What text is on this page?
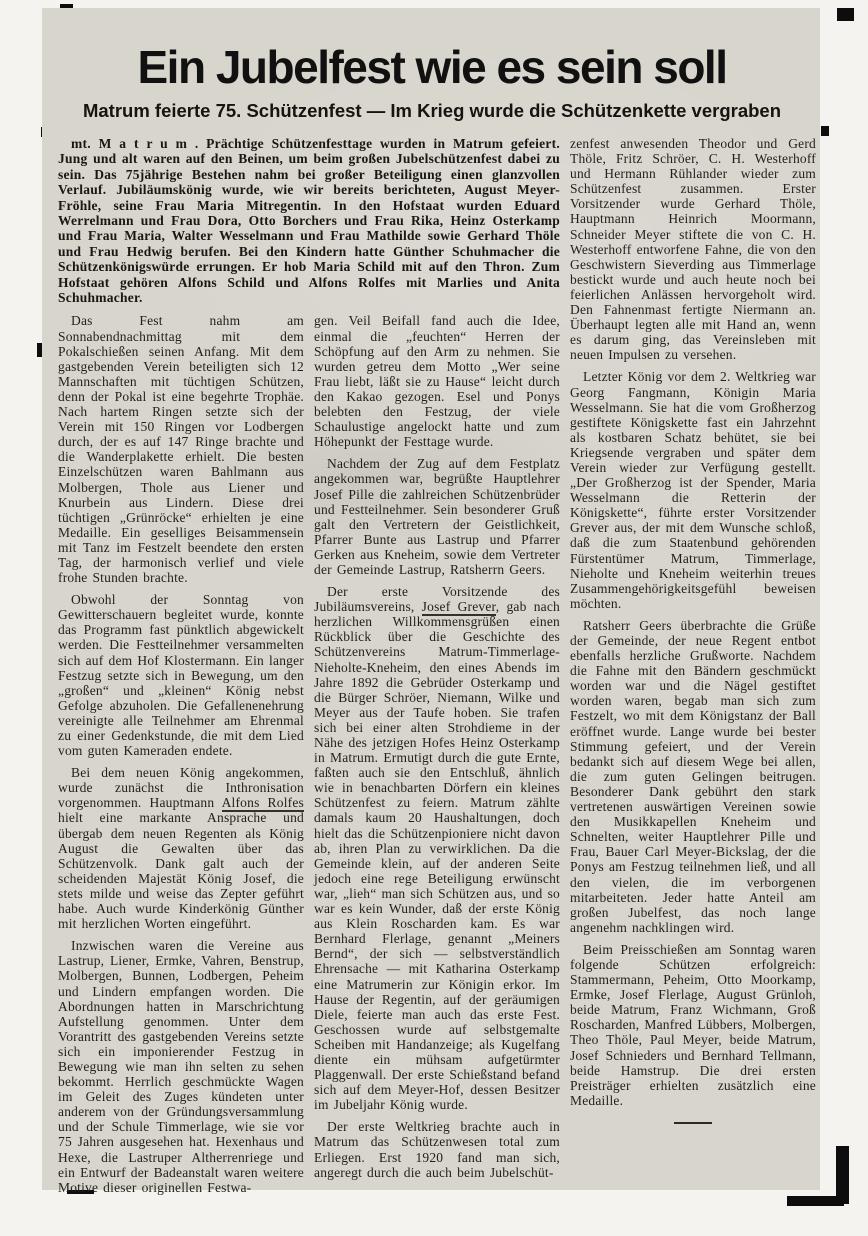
Ein Jubelfest wie es sein soll
Matrum feierte 75. Schützenfest — Im Krieg wurde die Schützenkette vergraben

mt. M a t r u m . Prächtige Schützenfesttage wurden in Matrum gefeiert. Jung und alt waren auf den Beinen, um beim großen Jubelschützenfest dabei zu sein. Das 75jährige Bestehen nahm bei großer Beteiligung einen glanzvollen Verlauf. Jubiläumskönig wurde, wie wir bereits berichteten, August Meyer-Fröhle, seine Frau Maria Mitregentin. In den Hofstaat wurden Eduard Werrelmann und Frau Dora, Otto Borchers und Frau Rika, Heinz Osterkamp und Frau Maria, Walter Wesselmann und Frau Mathilde sowie Gerhard Thöle und Frau Hedwig berufen. Bei den Kindern hatte Günther Schuhmacher die Schützenkönigswürde errungen. Er hob Maria Schild mit auf den Thron. Zum Hofstaat gehören Alfons Schild und Alfons Rolfes mit Marlies und Anita Schuhmacher.

Das Fest nahm am Sonnabendnachmittag mit dem Pokalschießen seinen Anfang. Mit dem gastgebenden Verein beteiligten sich 12 Mannschaften mit tüchtigen Schützen, denn der Pokal ist eine begehrte Trophäe. Nach hartem Ringen setzte sich der Verein mit 150 Ringen vor Lodbergen durch, der es auf 147 Ringe brachte und die Wanderplakette erhielt. Die besten Einzelschützen waren Bahlmann aus Molbergen, Thole aus Liener und Knurbein aus Lindern. Diese drei tüchtigen „Grünröcke“ erhielten je eine Medaille. Ein geselliges Beisammensein mit Tanz im Festzelt beendete den ersten Tag, der harmonisch verlief und viele frohe Stunden brachte.

Obwohl der Sonntag von Gewitterschauern begleitet wurde, konnte das Programm fast pünktlich abgewickelt werden. Die Festteilnehmer versammelten sich auf dem Hof Klostermann. Ein langer Festzug setzte sich in Bewegung, um den „großen“ und „kleinen“ König nebst Gefolge abzuholen. Die Gefallenenehrung vereinigte alle Teilnehmer am Ehrenmal zu einer Gedenkstunde, die mit dem Lied vom guten Kameraden endete.

Bei dem neuen König angekommen, wurde zunächst die Inthronisation vorgenommen. Hauptmann Alfons Rolfes hielt eine markante Ansprache und übergab dem neuen Regenten als König August die Gewalten über das Schützenvolk. Dank galt auch der scheidenden Majestät König Josef, die stets milde und weise das Zepter geführt habe. Auch wurde Kinderkönig Günther mit herzlichen Worten eingeführt.

Inzwischen waren die Vereine aus Lastrup, Liener, Ermke, Vahren, Benstrup, Molbergen, Bunnen, Lodbergen, Peheim und Lindern empfangen worden. Die Abordnungen hatten in Marschrichtung Aufstellung genommen. Unter dem Vorantritt des gastgebenden Vereins setzte sich ein imponierender Festzug in Bewegung wie man ihn selten zu sehen bekommt. Herrlich geschmückte Wagen im Geleit des Zuges kündeten unter anderem von der Gründungsversammlung und der Schule Timmerlage, wie sie vor 75 Jahren ausgesehen hat. Hexenhaus und Hexe, die Lastruper Altherrenriege und ein Entwurf der Badeanstalt waren weitere Motive dieser originellen Festwa-

gen. Veil Beifall fand auch die Idee, einmal die „feuchten“ Herren der Schöpfung auf den Arm zu nehmen. Sie wurden getreu dem Motto „Wer seine Frau liebt, läßt sie zu Hause“ leicht durch den Kakao gezogen. Esel und Ponys belebten den Festzug, der viele Schaulustige angelockt hatte und zum Höhepunkt der Festtage wurde.

Nachdem der Zug auf dem Festplatz angekommen war, begrüßte Hauptlehrer Josef Pille die zahlreichen Schützenbrüder und Festteilnehmer. Sein besonderer Gruß galt den Vertretern der Geistlichkeit, Pfarrer Bunte aus Lastrup und Pfarrer Gerken aus Kneheim, sowie dem Vertreter der Gemeinde Lastrup, Ratsherrn Geers.

Der erste Vorsitzende des Jubiläumsvereins, Josef Grever, gab nach herzlichen Willkommensgrüßen einen Rückblick über die Geschichte des Schützenvereins Matrum-Timmerlage-Nieholte-Kneheim, den eines Abends im Jahre 1892 die Gebrüder Osterkamp und die Bürger Schröer, Niemann, Wilke und Meyer aus der Taufe hoben. Sie trafen sich bei einer alten Strohdieme in der Nähe des jetzigen Hofes Heinz Osterkamp in Matrum. Ermutigt durch die gute Ernte, faßten auch sie den Entschluß, ähnlich wie in benachbarten Dörfern ein kleines Schützenfest zu feiern. Matrum zählte damals kaum 20 Haushaltungen, doch hielt das die Schützenpioniere nicht davon ab, ihren Plan zu verwirklichen. Da die Gemeinde klein, auf der anderen Seite jedoch eine rege Beteiligung erwünscht war, „lieh“ man sich Schützen aus, und so war es kein Wunder, daß der erste König aus Klein Roscharden kam. Es war Bernhard Flerlage, genannt „Meiners Bernd“, der sich — selbstverständlich Ehrensache — mit Katharina Osterkamp eine Matrumerin zur Königin erkor. Im Hause der Regentin, auf der geräumigen Diele, feierte man auch das erste Fest. Geschossen wurde auf selbstgemalte Scheiben mit Handanzeige; als Kugelfang diente ein mühsam aufgetürmter Plaggenwall. Der erste Schießstand befand sich auf dem Meyer-Hof, dessen Besitzer im Jubeljahr König wurde.

Der erste Weltkrieg brachte auch in Matrum das Schützenwesen total zum Erliegen. Erst 1920 fand man sich, angeregt durch die auch beim Jubelschüt-

zenfest anwesenden Theodor und Gerd Thöle, Fritz Schröer, C. H. Westerhoff und Hermann Rühlander wieder zum Schützenfest zusammen. Erster Vorsitzender wurde Gerhard Thöle, Hauptmann Heinrich Moormann, Schneider Meyer stiftete die von C. H. Westerhoff entworfene Fahne, die von den Geschwistern Sieverding aus Timmerlage bestickt wurde und auch heute noch bei feierlichen Anlässen hervorgeholt wird. Den Fahnenmast fertigte Niermann an. Überhaupt legten alle mit Hand an, wenn es darum ging, das Vereinsleben mit neuen Impulsen zu versehen.

Letzter König vor dem 2. Weltkrieg war Georg Fangmann, Königin Maria Wesselmann. Sie hat die vom Großherzog gestiftete Königskette fast ein Jahrzehnt als kostbaren Schatz behütet, sie bei Kriegsende vergraben und später dem Verein wieder zur Verfügung gestellt. „Der Großherzog ist der Spender, Maria Wesselmann die Retterin der Königskette“, führte erster Vorsitzender Grever aus, der mit dem Wunsche schloß, daß die zum Staatenbund gehörenden Fürstentümer Matrum, Timmerlage, Nieholte und Kneheim weiterhin treues Zusammengehörigkeitsgefühl beweisen möchten.

Ratsherr Geers überbrachte die Grüße der Gemeinde, der neue Regent entbot ebenfalls herzliche Grußworte. Nachdem die Fahne mit den Bändern geschmückt worden war und die Nägel gestiftet worden waren, begab man sich zum Festzelt, wo mit dem Königstanz der Ball eröffnet wurde. Lange wurde bei bester Stimmung gefeiert, und der Verein bedankt sich auf diesem Wege bei allen, die zum guten Gelingen beitrugen. Besonderer Dank gebührt den stark vertretenen auswärtigen Vereinen sowie den Musikkapellen Kneheim und Schnelten, weiter Hauptlehrer Pille und Frau, Bauer Carl Meyer-Bickslag, der die Ponys am Festzug teilnehmen ließ, und all den vielen, die im verborgenen mitarbeiteten. Jeder hatte Anteil am großen Jubelfest, das noch lange angenehm nachklingen wird.

Beim Preisschießen am Sonntag waren folgende Schützen erfolgreich: Stammermann, Peheim, Otto Moorkamp, Ermke, Josef Flerlage, August Grünloh, beide Matrum, Franz Wichmann, Groß Roscharden, Manfred Lübbers, Molbergen, Theo Thöle, Paul Meyer, beide Matrum, Josef Schnieders und Bernhard Tellmann, beide Hamstrup. Die drei ersten Preisträger erhielten zusätzlich eine Medaille.
